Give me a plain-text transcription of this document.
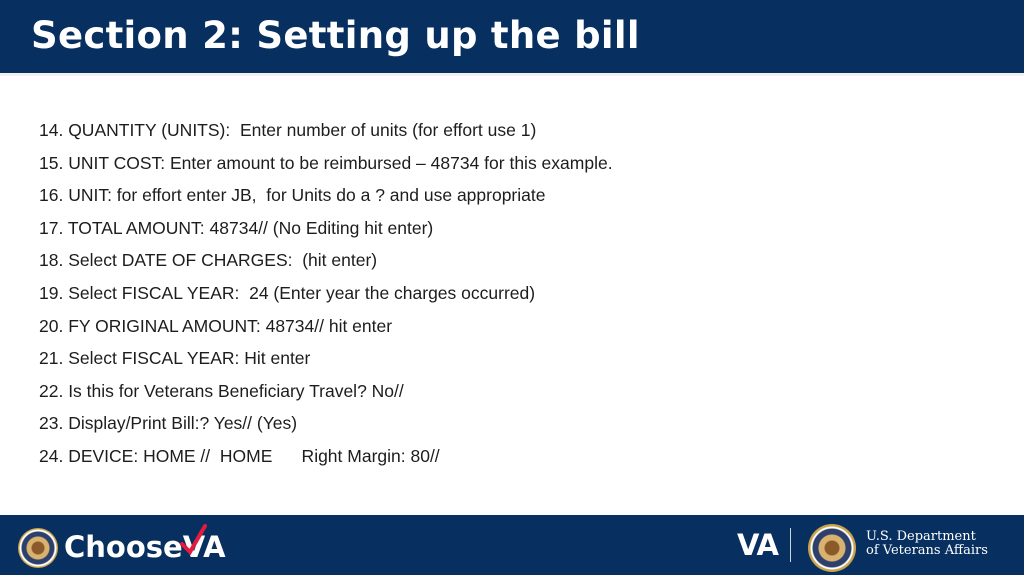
Section 2: Setting up the bill
14. QUANTITY (UNITS):  Enter number of units (for effort use 1)
15. UNIT COST: Enter amount to be reimbursed – 48734 for this example.
16. UNIT: for effort enter JB,  for Units do a ? and use appropriate
17. TOTAL AMOUNT: 48734// (No Editing hit enter)
18. Select DATE OF CHARGES:  (hit enter)
19. Select FISCAL YEAR:  24 (Enter year the charges occurred)
20. FY ORIGINAL AMOUNT: 48734// hit enter
21. Select FISCAL YEAR: Hit enter
22. Is this for Veterans Beneficiary Travel? No//
23. Display/Print Bill:? Yes// (Yes)
24. DEVICE: HOME //  HOME      Right Margin: 80//
ChooseVA	VA	U.S. Department
of Veterans Affairs
